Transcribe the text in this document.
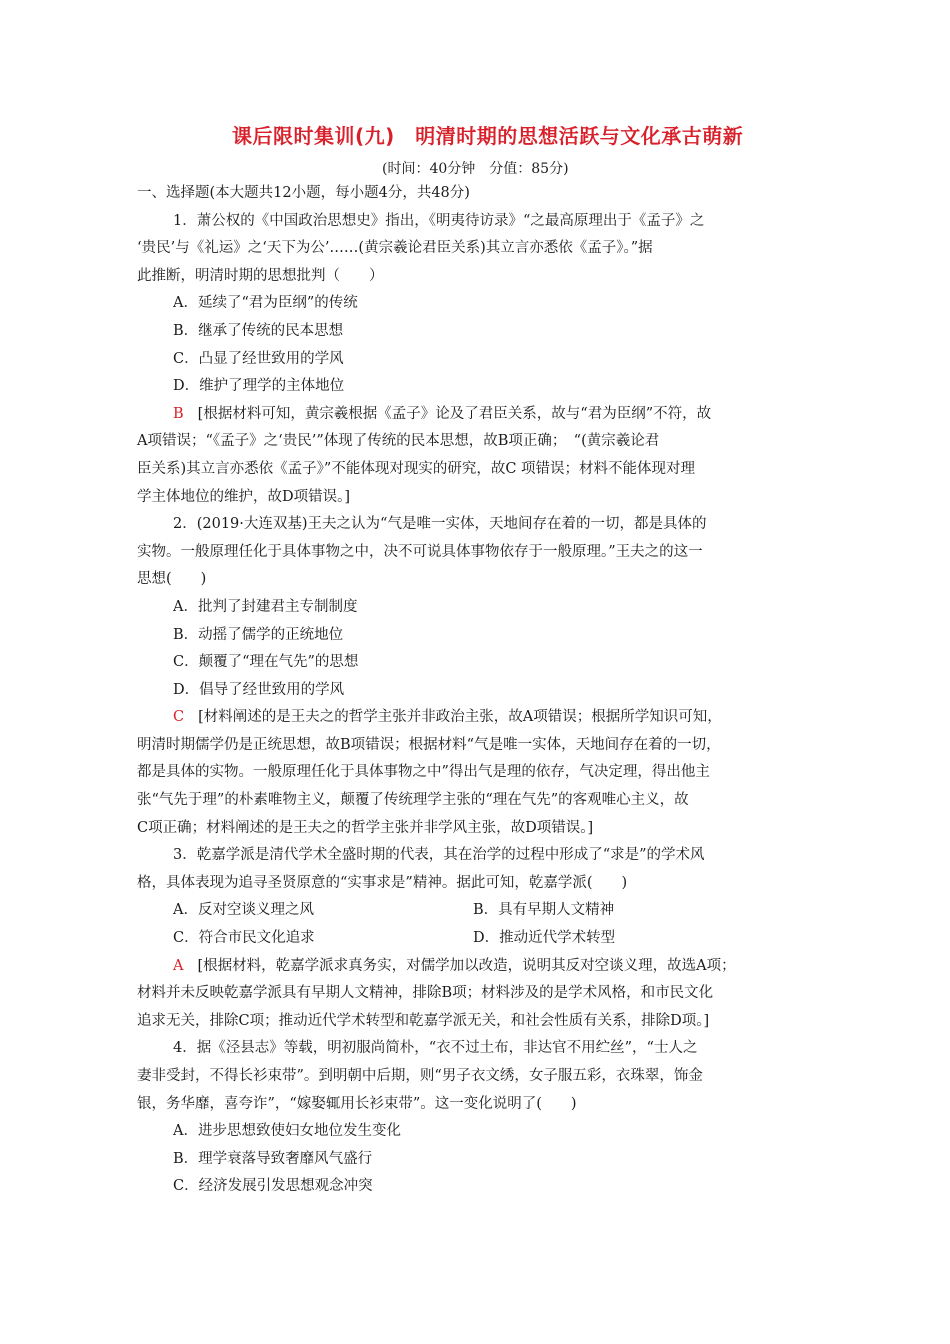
课后限时集训(九)　明清时期的思想活跃与文化承古萌新
(时间：40分钟　分值：85分)
一、选择题(本大题共12小题，每小题4分，共48分)
1．萧公权的《中国政治思想史》指出，《明夷待访录》“之最高原理出于《孟子》之
‘贵民’与《礼运》之‘天下为公’……(黄宗羲论君臣关系)其立言亦悉依《孟子》。”据
此推断，明清时期的思想批判（　　）
A．延续了“君为臣纲”的传统
B．继承了传统的民本思想
C．凸显了经世致用的学风
D．维护了理学的主体地位
B [根据材料可知，黄宗羲根据《孟子》论及了君臣关系，故与“君为臣纲”不符，故
A项错误；“《孟子》之‘贵民’”体现了传统的民本思想，故B项正确；　“(黄宗羲论君
臣关系)其立言亦悉依《孟子》”不能体现对现实的研究，故C 项错误；材料不能体现对理
学主体地位的维护，故D项错误。]
2．(2019·大连双基)王夫之认为“气是唯一实体，天地间存在着的一切，都是具体的
实物。一般原理任化于具体事物之中，决不可说具体事物依存于一般原理。”王夫之的这一
思想(　　)
A．批判了封建君主专制制度
B．动摇了儒学的正统地位
C．颠覆了“理在气先”的思想
D．倡导了经世致用的学风
C [材料阐述的是王夫之的哲学主张并非政治主张，故A项错误；根据所学知识可知，
明清时期儒学仍是正统思想，故B项错误；根据材料“气是唯一实体，天地间存在着的一切，
都是具体的实物。一般原理任化于具体事物之中”得出气是理的依存，气决定理，得出他主
张“气先于理”的朴素唯物主义，颠覆了传统理学主张的“理在气先”的客观唯心主义，故
C项正确；材料阐述的是王夫之的哲学主张并非学风主张，故D项错误。]
3．乾嘉学派是清代学术全盛时期的代表，其在治学的过程中形成了“求是”的学术风
格，具体表现为追寻圣贤原意的“实事求是”精神。据此可知，乾嘉学派(　　)
A．反对空谈义理之风	B．具有早期人文精神
C．符合市民文化追求	D．推动近代学术转型
A [根据材料，乾嘉学派求真务实，对儒学加以改造，说明其反对空谈义理，故选A项；
材料并未反映乾嘉学派具有早期人文精神，排除B项；材料涉及的是学术风格，和市民文化
追求无关，排除C项；推动近代学术转型和乾嘉学派无关，和社会性质有关系，排除D项。]
4．据《泾县志》等载，明初服尚简朴，“衣不过土布，非达官不用纻丝”，“士人之
妻非受封，不得长衫束带”。到明朝中后期，则“男子衣文绣，女子服五彩，衣珠翠，饰金
银，务华靡，喜夸诈”，“嫁娶辄用长衫束带”。这一变化说明了(　　)
A．进步思想致使妇女地位发生变化
B．理学衰落导致奢靡风气盛行
C．经济发展引发思想观念冲突
